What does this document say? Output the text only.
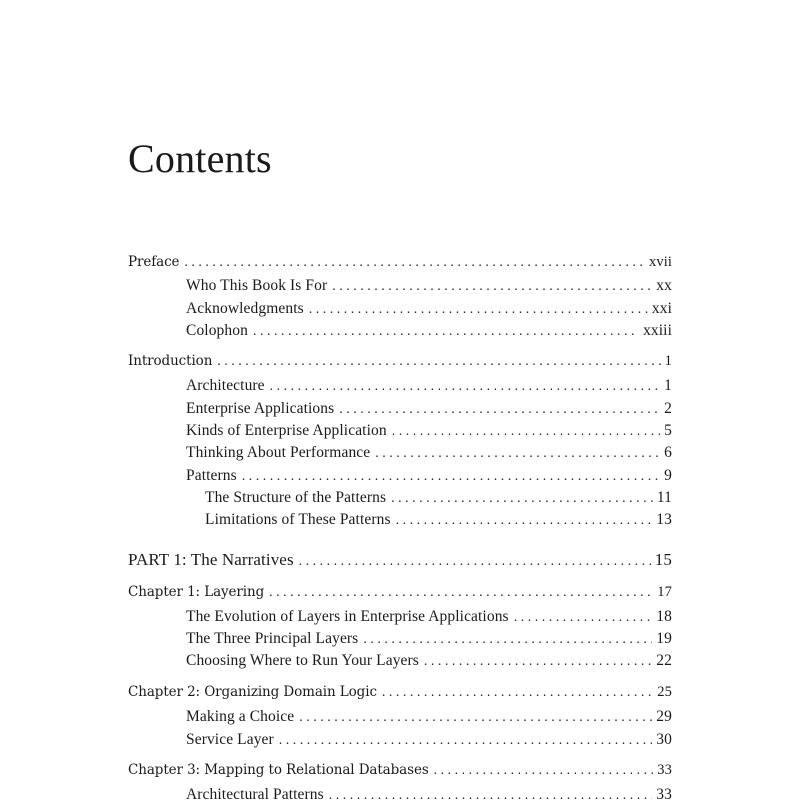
Contents
Preface . . .	xvii
Who This Book Is For . . .	xx
Acknowledgments . . .	xxi
Colophon . . .	xxiii
Introduction . . .	1
Architecture . . .	1
Enterprise Applications . . .	2
Kinds of Enterprise Application . . .	5
Thinking About Performance . . .	6
Patterns . . .	9
The Structure of the Patterns . . .	11
Limitations of These Patterns . . .	13
PART 1: The Narratives . . .	15
Chapter 1: Layering . . .	17
The Evolution of Layers in Enterprise Applications . . .	18
The Three Principal Layers . . .	19
Choosing Where to Run Your Layers . . .	22
Chapter 2: Organizing Domain Logic . . .	25
Making a Choice . . .	29
Service Layer . . .	30
Chapter 3: Mapping to Relational Databases . . .	33
Architectural Patterns . . .	33
